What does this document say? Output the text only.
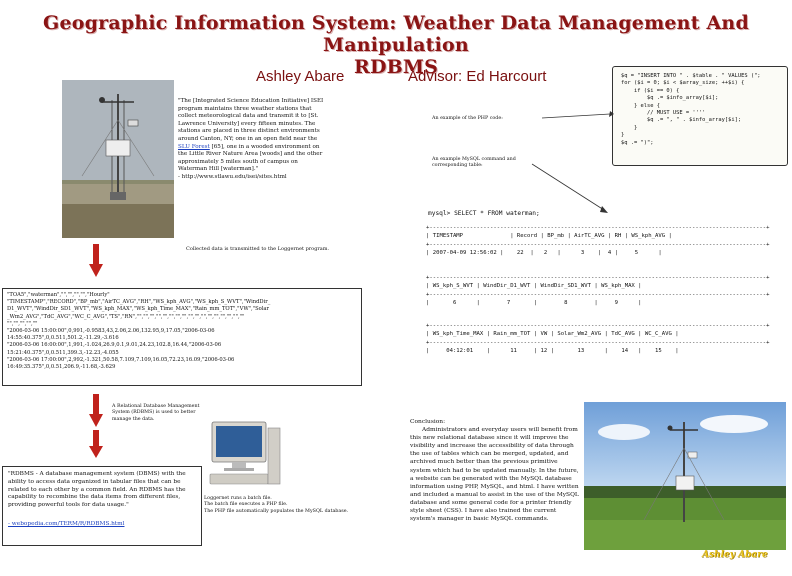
Geographic Information System: Weather Data Management And Manipulation
RDBMS
Ashley Abare	Advisor: Ed Harcourt
"The [Integrated Science Education Initiative] ISEI program maintains three weather stations that collect meteorological data and transmit it to [St. Lawrence University] every fifteen minutes. The stations are placed in three distinct environments around Canton, NY; one in an open field near the SLU Forest [65], one in a wooded environment on the Little River Nature Area [woods] and the other approximately 5 miles south of campus on Waterman Hill [waterman]."
- http://www.stlawu.edu/isei/sites.html
An example of the PHP code:
$q = "INSERT INTO " . $table . " VALUES (";
for ($i = 0; $i < $array_size; ++$i) {
if ($i == 0) {
$q .= $info_array[$i];
} else {
// MUST USE = ''''
$q .= ", " . $info_array[$i];
}
}
$q .= ")";
An example MySQL command and corresponding table:
mysql> SELECT * FROM waterman;
+----------------------------------------------------------------------------------------------------+
| TIMESTAMP              | Record | BP_mb | AirTC_AVG | RH | WS_kph_AVG |
+----------------------------------------------------------------------------------------------------+
| 2007-04-09 12:56:02 |    22  |   2   |      3    |  4 |     5      |
+----------------------------------------------------------------------------------------------------+
| WS_kph_S_WVT | WindDir_D1_WVT | WindDir_SD1_WVT | WS_kph_MAX |
+----------------------------------------------------------------------------------------------------+
|       6      |        7       |        8        |     9      |
+----------------------------------------------------------------------------------------------------+
| WS_kph_Time_MAX | Rain_mm_TOT | VW | Solar_Wm2_AVG | TdC_AVG | WC_C_AVG |
+----------------------------------------------------------------------------------------------------+
|     04:12:01    |      11     | 12 |       13      |    14   |    15    |
Collected data is transmitted to the Loggernet program.
"TOA5","waterman","","","","","Hourly"
"TIMESTAMP","RECORD","BP_mb","AirTC_AVG","RH","WS_kph_AVG","WS_kph_S_WVT","WindDir_
D1_WVT","WindDir_SD1_WVT","WS_kph_MAX","WS_kph_Time_MAX","Rain_mm_TOT","VW","Solar
_Wm2_AVG","TdC_AVG","WC_C_AVG","TS","RN","","","","","","","","","","","","","","","","",""
"","","","",""
"2006-03-06 15:00:00",0,991,-0.9583,43,2.06,2.06,132.95,9,17.05,"2006-03-06
14:55:40.375",0,0.511,501.2,-11.29,-3.616
"2006-03-06 16:00:00",1,991,-1.024,26.9,0.1,9.01,24.23,102.8,16.44,"2006-03-06
15:21:40.375",0,0.511,399.3,-12.23,-4.055
"2006-03-06 17:00:00",2,992,-1.321,50.58,7.109,7.109,16.05,72.23,16.09,"2006-03-06
16:49:35.375",0,0.51,206.9,-11.68,-3.629
A Relational Database Management System (RDBMS) is used to better manage the data.
"RDBMS - A database management system (DBMS) with the ability to access data organized in tabular files that can be related to each other by a common field. An RDBMS has the capability to recombine the data items from different files, providing powerful tools for data usage."
- webopedia.com/TERM/R/RDBMS.html
Loggernet runs a batch file.
The batch file executes a PHP file.
The PHP file automatically populates the MySQL database.
Conclusion:
Administrators and everyday users will benefit from this new relational database since it will improve the visibility and increase the accessibility of data through the use of tables which can be merged, updated, and archived much better than the previous primitive system which had to be updated manually. In the future, a website can be generated with the MySQL database information using PHP, MySQL, and html. I have written and included a manual to assist in the use of the MySQL database and some general code for a printer friendly style sheet (CSS). I have also trained the current system's manager in basic MySQL commands.
Ashley Abare
